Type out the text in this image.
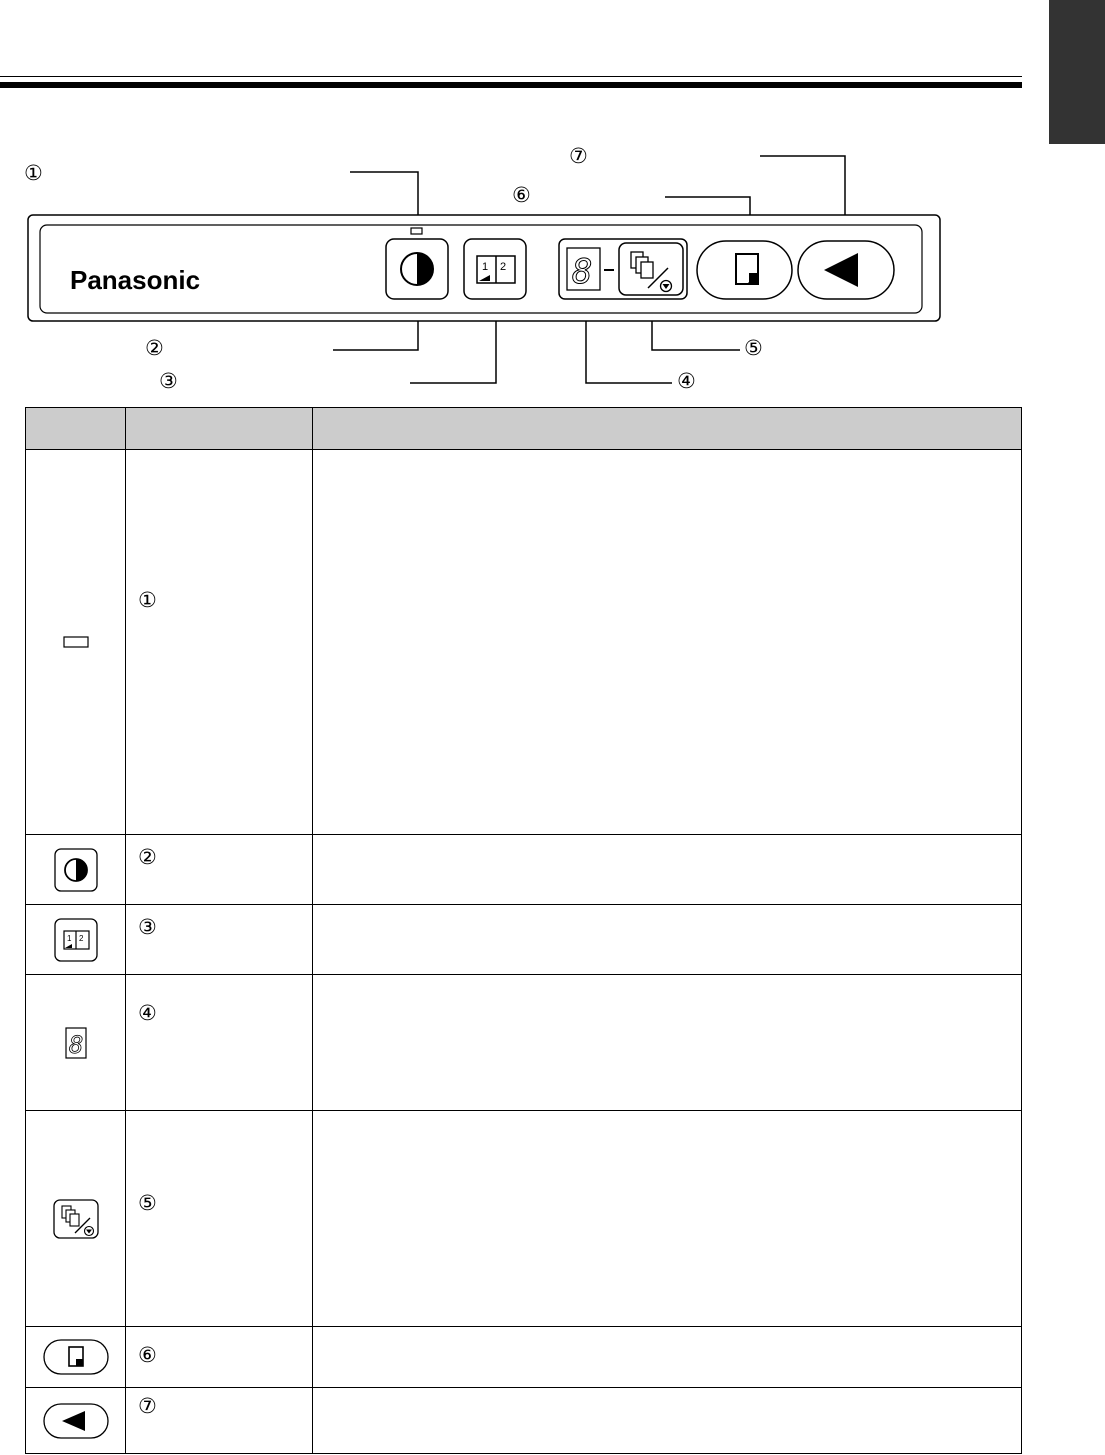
①
⑦
⑥
②
③
⑤
④
Panasonic	1 2 8

	①	
	②	

1 2	③	

8	④	
	⑤	
	⑥	
	⑦	
